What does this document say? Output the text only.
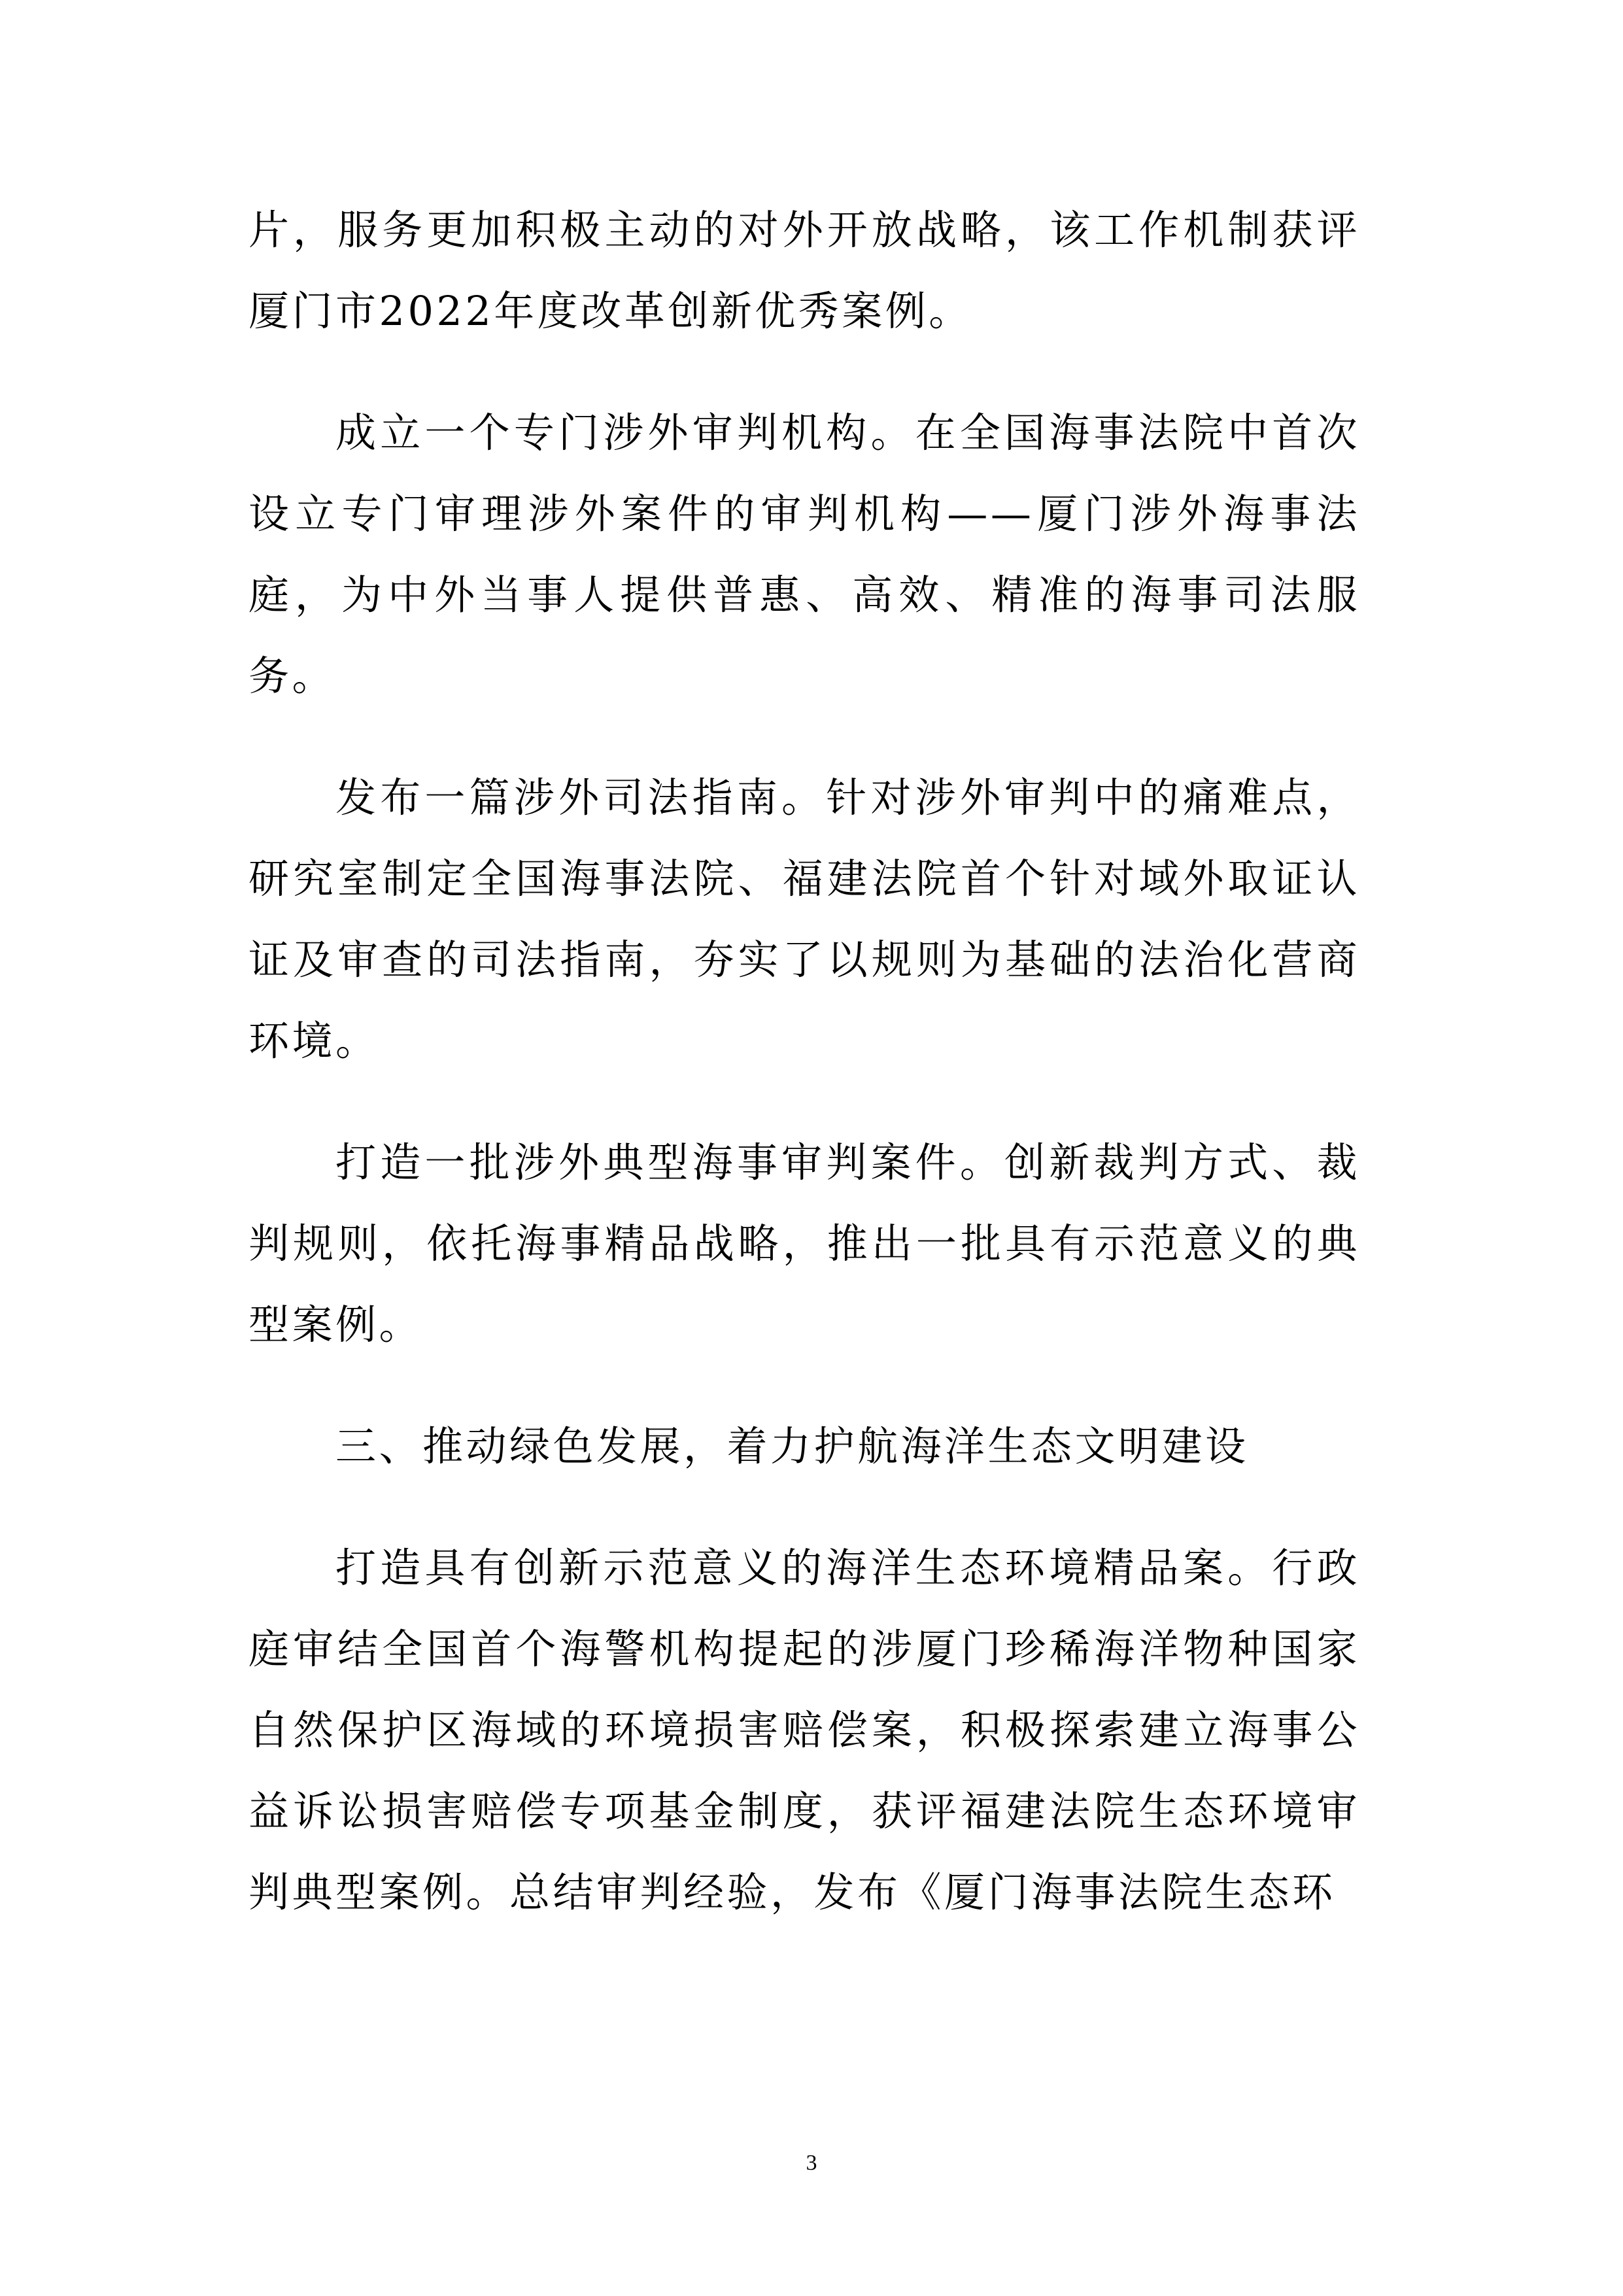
片，服务更加积极主动的对外开放战略，该工作机制获评厦门市2022年度改革创新优秀案例。

成立一个专门涉外审判机构。在全国海事法院中首次设立专门审理涉外案件的审判机构——厦门涉外海事法庭，为中外当事人提供普惠、高效、精准的海事司法服务。

发布一篇涉外司法指南。针对涉外审判中的痛难点，研究室制定全国海事法院、福建法院首个针对域外取证认证及审查的司法指南，夯实了以规则为基础的法治化营商环境。

打造一批涉外典型海事审判案件。创新裁判方式、裁判规则，依托海事精品战略，推出一批具有示范意义的典型案例。

三、推动绿色发展，着力护航海洋生态文明建设

打造具有创新示范意义的海洋生态环境精品案。行政庭审结全国首个海警机构提起的涉厦门珍稀海洋物种国家自然保护区海域的环境损害赔偿案，积极探索建立海事公益诉讼损害赔偿专项基金制度，获评福建法院生态环境审判典型案例。总结审判经验，发布《厦门海事法院生态环

3
